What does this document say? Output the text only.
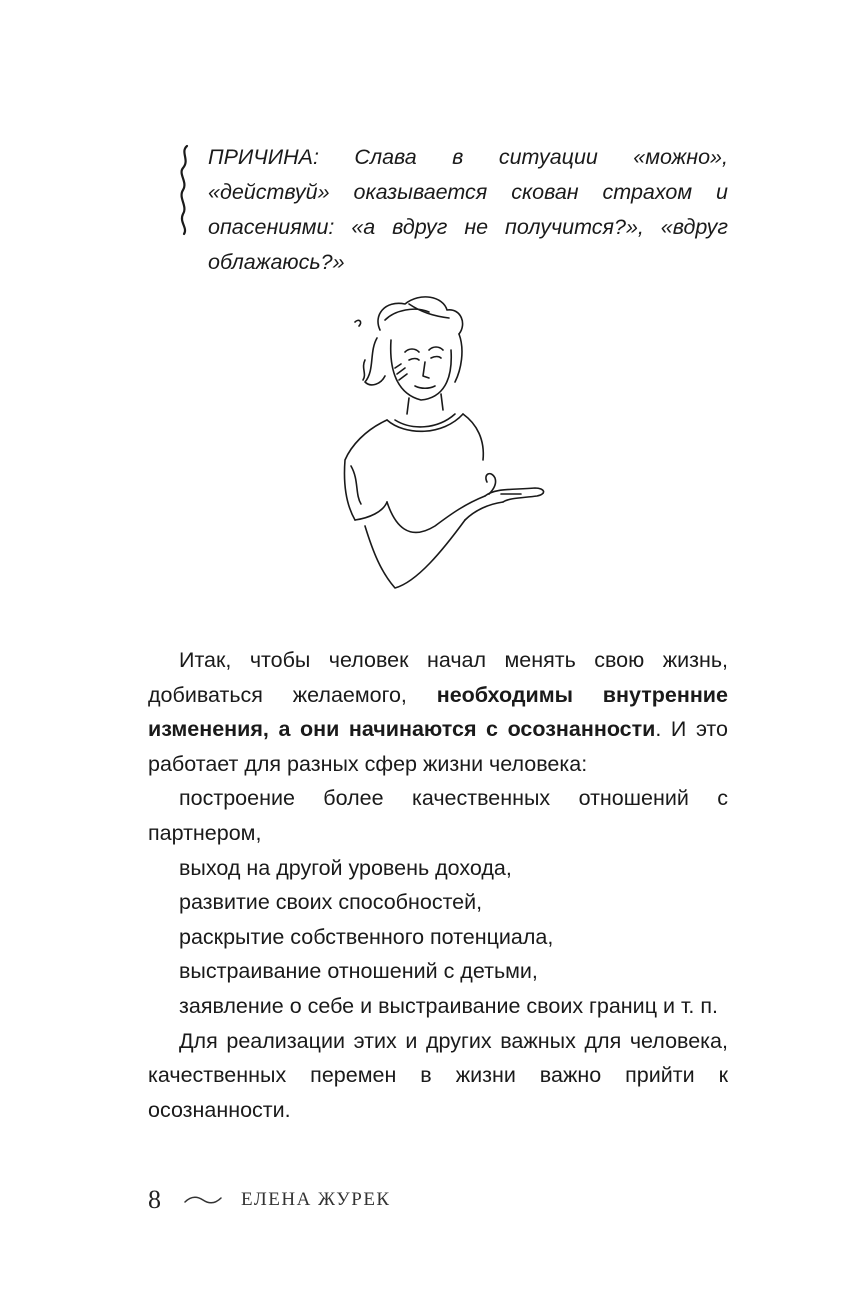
ПРИЧИНА: Слава в ситуации «можно», «действуй» оказывается скован страхом и опасениями: «а вдруг не получится?», «вдруг облажаюсь?»

Итак, чтобы человек начал менять свою жизнь, добиваться желаемого, необходимы внутренние изменения, а они начинаются с осознанности. И это работает для разных сфер жизни человека:

построение более качественных отношений с партнером,

выход на другой уровень дохода,

развитие своих способностей,

раскрытие собственного потенциала,

выстраивание отношений с детьми,

заявление о себе и выстраивание своих границ и т. п.

Для реализации этих и других важных для человека, качественных перемен в жизни важно прийти к осознанности.

8	ЕЛЕНА ЖУРЕК
